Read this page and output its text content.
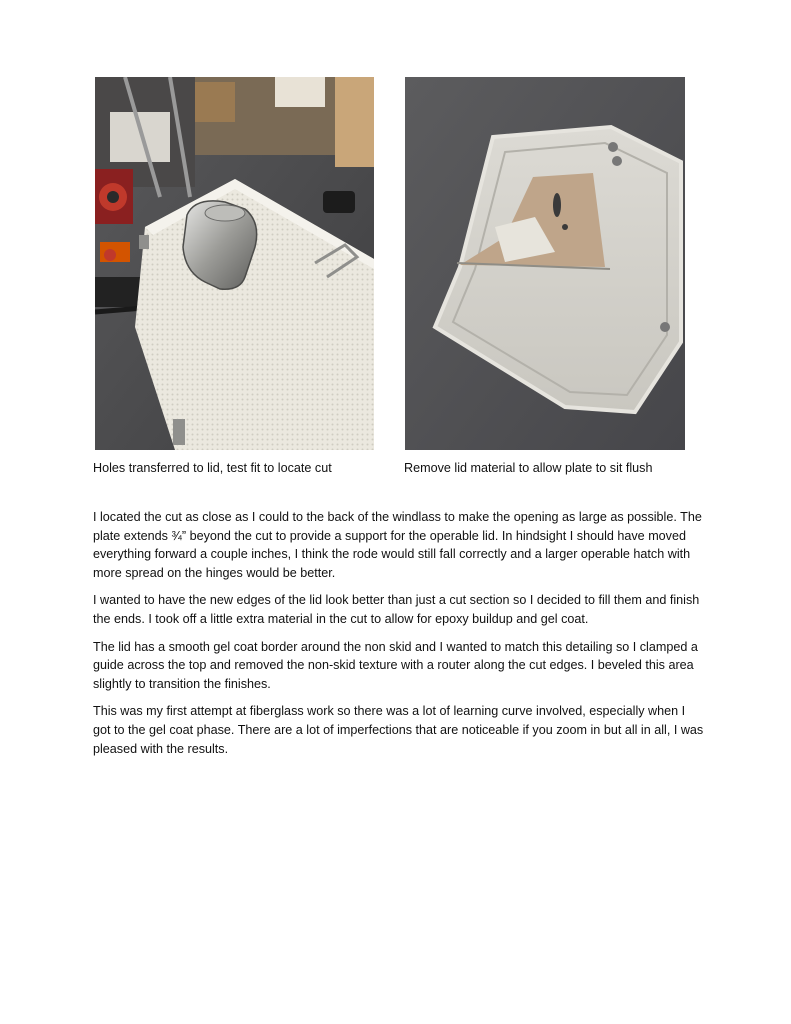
Holes transferred to lid, test fit to locate cut	Remove lid material to allow plate to sit flush

I located the cut as close as I could to the back of the windlass to make the opening as large as possible. The plate extends ¾” beyond the cut to provide a support for the operable lid. In hindsight I should have moved everything forward a couple inches, I think the rode would still fall correctly and a larger operable hatch with more spread on the hinges would be better.

I wanted to have the new edges of the lid look better than just a cut section so I decided to fill them and finish the ends. I took off a little extra material in the cut to allow for epoxy buildup and gel coat.

The lid has a smooth gel coat border around the non skid and I wanted to match this detailing so I clamped a guide across the top and removed the non-skid texture with a router along the cut edges. I beveled this area slightly to transition the finishes.

This was my first attempt at fiberglass work so there was a lot of learning curve involved, especially when I got to the gel coat phase. There are a lot of imperfections that are noticeable if you zoom in but all in all, I was pleased with the results.
